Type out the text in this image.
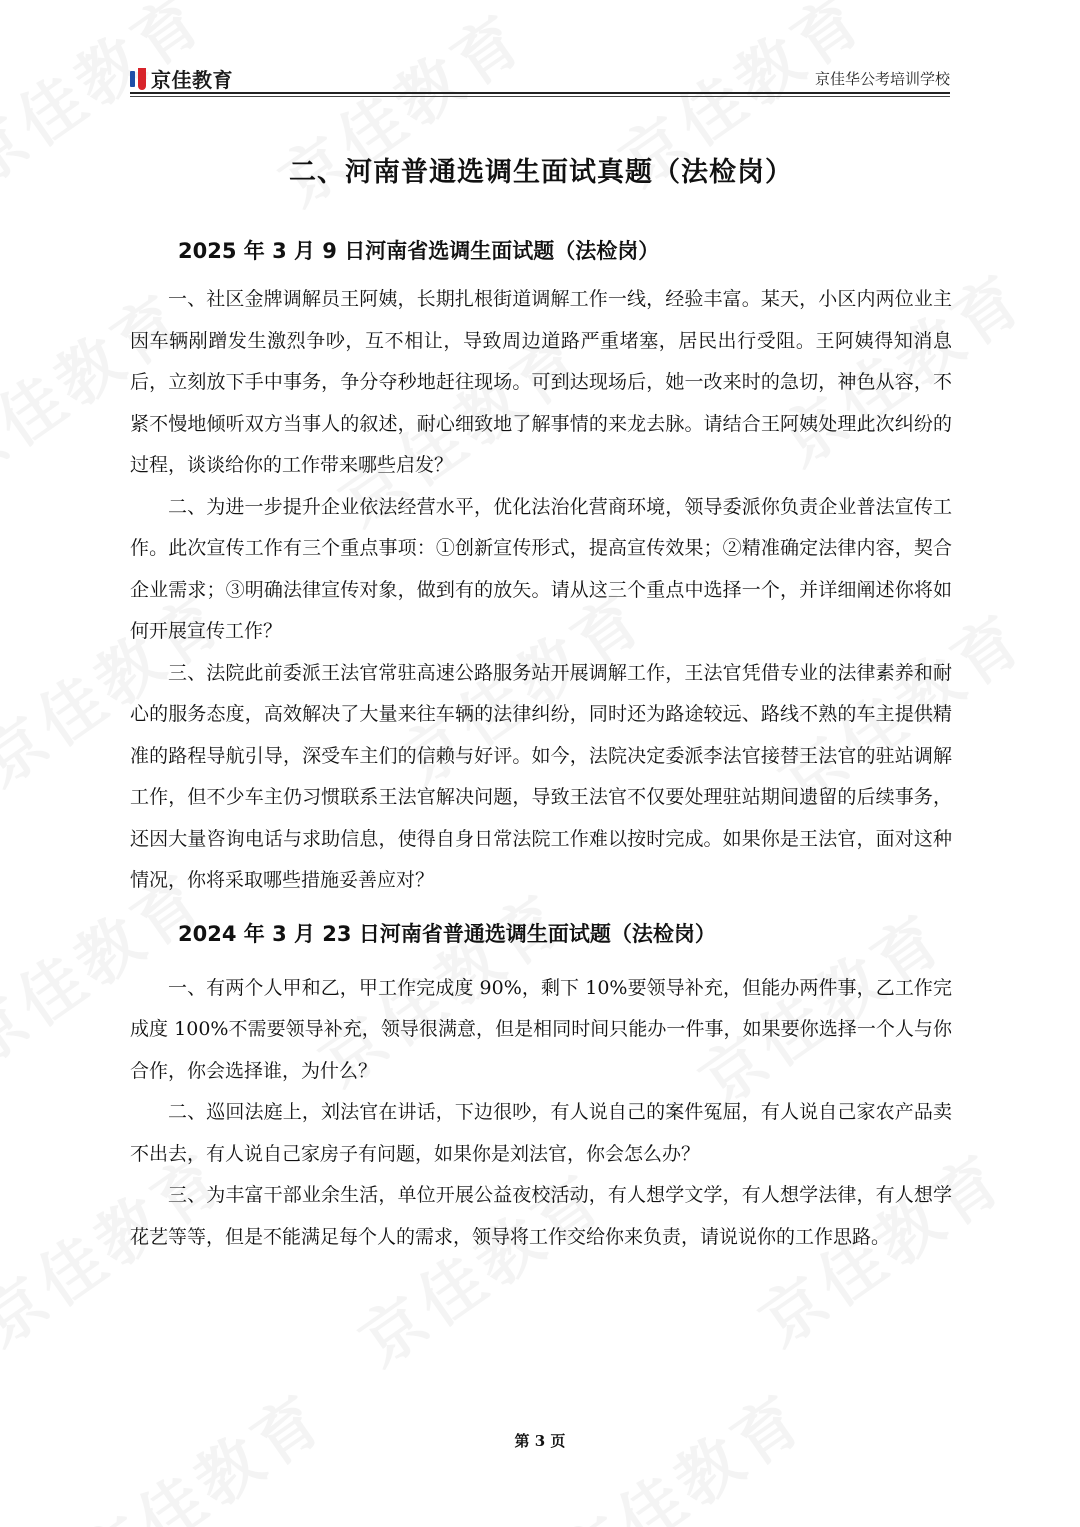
京佳教育	京佳华公考培训学校
二、河南普通选调生面试真题（法检岗）
2025 年 3 月 9 日河南省选调生面试题（法检岗）

一、社区金牌调解员王阿姨，长期扎根街道调解工作一线，经验丰富。某天，小区内两位业主因车辆剐蹭发生激烈争吵，互不相让，导致周边道路严重堵塞，居民出行受阻。王阿姨得知消息后，立刻放下手中事务，争分夺秒地赶往现场。可到达现场后，她一改来时的急切，神色从容，不紧不慢地倾听双方当事人的叙述，耐心细致地了解事情的来龙去脉。请结合王阿姨处理此次纠纷的过程，谈谈给你的工作带来哪些启发？

二、为进一步提升企业依法经营水平，优化法治化营商环境，领导委派你负责企业普法宣传工作。此次宣传工作有三个重点事项：①创新宣传形式，提高宣传效果；②精准确定法律内容，契合企业需求；③明确法律宣传对象，做到有的放矢。请从这三个重点中选择一个，并详细阐述你将如何开展宣传工作？

三、法院此前委派王法官常驻高速公路服务站开展调解工作，王法官凭借专业的法律素养和耐心的服务态度，高效解决了大量来往车辆的法律纠纷，同时还为路途较远、路线不熟的车主提供精准的路程导航引导，深受车主们的信赖与好评。如今，法院决定委派李法官接替王法官的驻站调解工作，但不少车主仍习惯联系王法官解决问题，导致王法官不仅要处理驻站期间遗留的后续事务，还因大量咨询电话与求助信息，使得自身日常法院工作难以按时完成。如果你是王法官，面对这种情况，你将采取哪些措施妥善应对？

2024 年 3 月 23 日河南省普通选调生面试题（法检岗）

一、有两个人甲和乙，甲工作完成度 90%，剩下 10%要领导补充，但能办两件事，乙工作完成度 100%不需要领导补充，领导很满意，但是相同时间只能办一件事，如果要你选择一个人与你合作，你会选择谁，为什么？

二、巡回法庭上，刘法官在讲话，下边很吵，有人说自己的案件冤屈，有人说自己家农产品卖不出去，有人说自己家房子有问题，如果你是刘法官，你会怎么办？

三、为丰富干部业余生活，单位开展公益夜校活动，有人想学文学，有人想学法律，有人想学花艺等等，但是不能满足每个人的需求，领导将工作交给你来负责，请说说你的工作思路。

第 3 页
